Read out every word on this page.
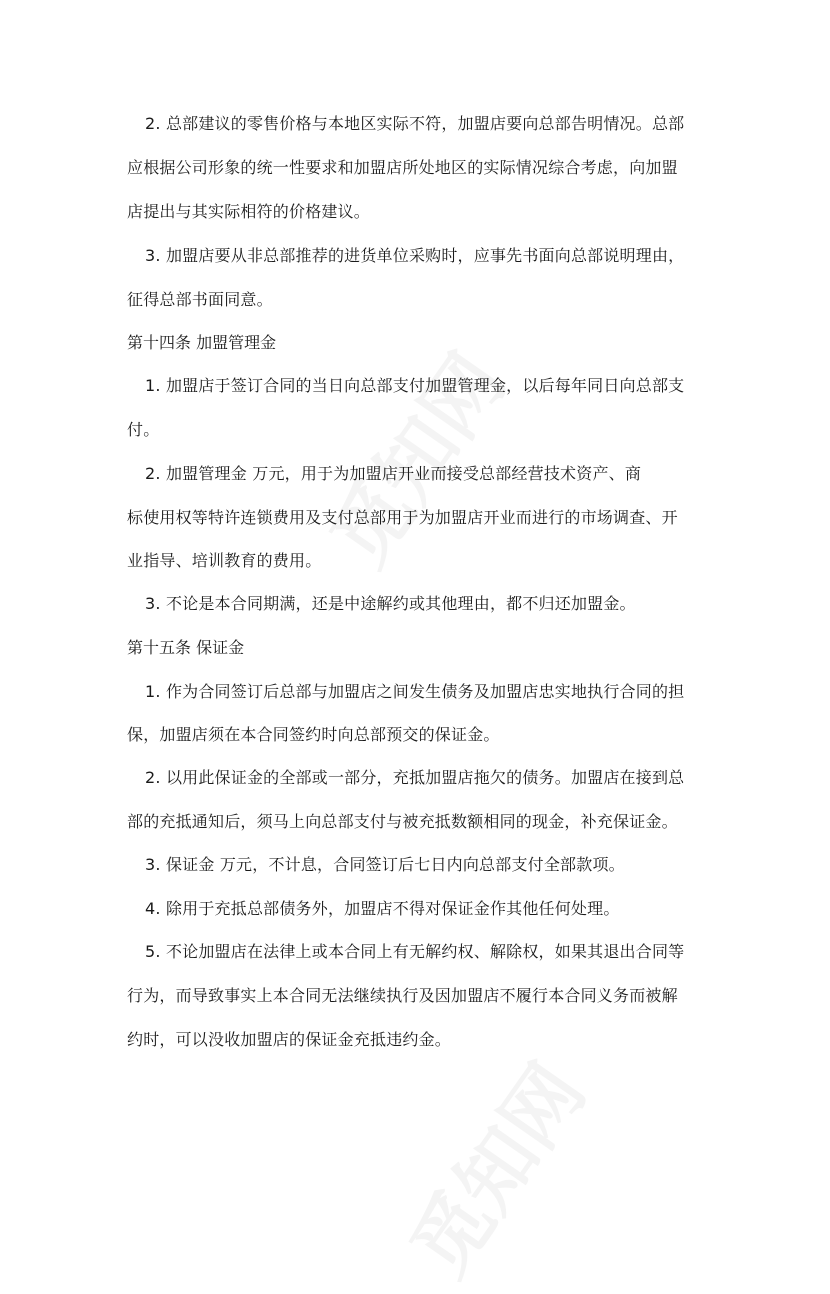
2. 总部建议的零售价格与本地区实际不符，加盟店要向总部告明情况。总部
应根据公司形象的统一性要求和加盟店所处地区的实际情况综合考虑，向加盟
店提出与其实际相符的价格建议。
3. 加盟店要从非总部推荐的进货单位采购时，应事先书面向总部说明理由，
征得总部书面同意。
第十四条 加盟管理金
1. 加盟店于签订合同的当日向总部支付加盟管理金，以后每年同日向总部支
付。
2. 加盟管理金 万元，用于为加盟店开业而接受总部经营技术资产、商
标使用权等特许连锁费用及支付总部用于为加盟店开业而进行的市场调查、开
业指导、培训教育的费用。
3. 不论是本合同期满，还是中途解约或其他理由，都不归还加盟金。
第十五条 保证金
1. 作为合同签订后总部与加盟店之间发生债务及加盟店忠实地执行合同的担
保，加盟店须在本合同签约时向总部预交的保证金。
2. 以用此保证金的全部或一部分，充抵加盟店拖欠的债务。加盟店在接到总
部的充抵通知后，须马上向总部支付与被充抵数额相同的现金，补充保证金。
3. 保证金 万元，不计息，合同签订后七日内向总部支付全部款项。
4. 除用于充抵总部债务外，加盟店不得对保证金作其他任何处理。
5. 不论加盟店在法律上或本合同上有无解约权、解除权，如果其退出合同等
行为，而导致事实上本合同无法继续执行及因加盟店不履行本合同义务而被解
约时，可以没收加盟店的保证金充抵违约金。
